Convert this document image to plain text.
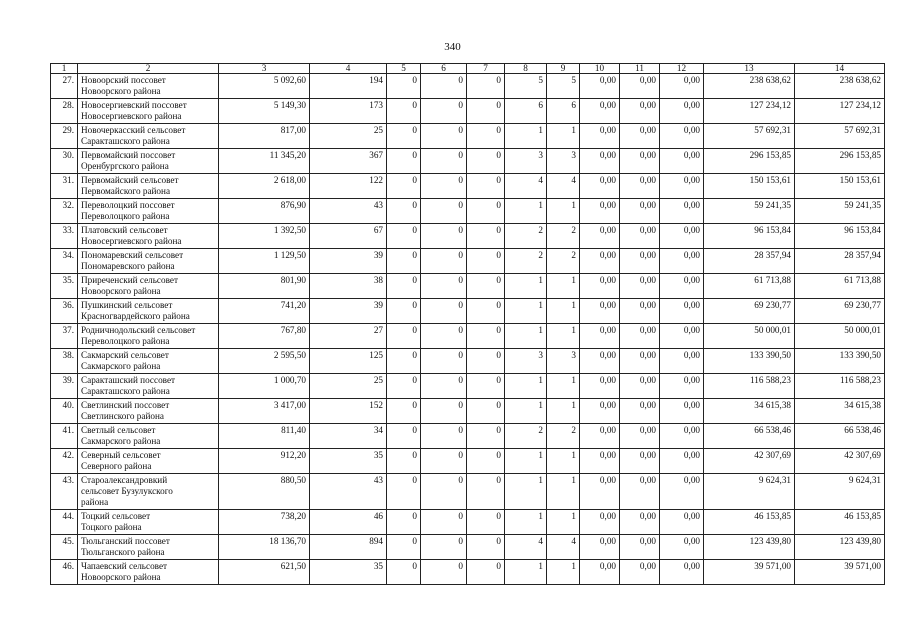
340
1	2	3	4	5	6	7	8	9	10	11	12	13	14
27.	Новоорский поссовет
Новоорского района	5 092,60	194	0	0	0	5	5	0,00	0,00	0,00	238 638,62	238 638,62
28.	Новосергиевский поссовет
Новосергиевского района	5 149,30	173	0	0	0	6	6	0,00	0,00	0,00	127 234,12	127 234,12
29.	Новочеркасский сельсовет
Саракташского района	817,00	25	0	0	0	1	1	0,00	0,00	0,00	57 692,31	57 692,31
30.	Первомайский поссовет
Оренбургского района	11 345,20	367	0	0	0	3	3	0,00	0,00	0,00	296 153,85	296 153,85
31.	Первомайский сельсовет
Первомайского района	2 618,00	122	0	0	0	4	4	0,00	0,00	0,00	150 153,61	150 153,61
32.	Переволоцкий поссовет
Переволоцкого района	876,90	43	0	0	0	1	1	0,00	0,00	0,00	59 241,35	59 241,35
33.	Платовский сельсовет
Новосергиевского района	1 392,50	67	0	0	0	2	2	0,00	0,00	0,00	96 153,84	96 153,84
34.	Пономаревский сельсовет
Пономаревского района	1 129,50	39	0	0	0	2	2	0,00	0,00	0,00	28 357,94	28 357,94
35.	Приреченский сельсовет
Новоорского района	801,90	38	0	0	0	1	1	0,00	0,00	0,00	61 713,88	61 713,88
36.	Пушкинский сельсовет
Красногвардейского района	741,20	39	0	0	0	1	1	0,00	0,00	0,00	69 230,77	69 230,77
37.	Родничнодольский сельсовет
Переволоцкого района	767,80	27	0	0	0	1	1	0,00	0,00	0,00	50 000,01	50 000,01
38.	Сакмарский сельсовет
Сакмарского района	2 595,50	125	0	0	0	3	3	0,00	0,00	0,00	133 390,50	133 390,50
39.	Саракташский поссовет
Саракташского района	1 000,70	25	0	0	0	1	1	0,00	0,00	0,00	116 588,23	116 588,23
40.	Светлинский поссовет
Светлинского района	3 417,00	152	0	0	0	1	1	0,00	0,00	0,00	34 615,38	34 615,38
41.	Светлый сельсовет
Сакмарского района	811,40	34	0	0	0	2	2	0,00	0,00	0,00	66 538,46	66 538,46
42.	Северный сельсовет
Северного района	912,20	35	0	0	0	1	1	0,00	0,00	0,00	42 307,69	42 307,69
43.	Староалександровкий
сельсовет Бузулукского
района	880,50	43	0	0	0	1	1	0,00	0,00	0,00	9 624,31	9 624,31
44.	Тоцкий сельсовет
Тоцкого района	738,20	46	0	0	0	1	1	0,00	0,00	0,00	46 153,85	46 153,85
45.	Тюльганский поссовет
Тюльганского района	18 136,70	894	0	0	0	4	4	0,00	0,00	0,00	123 439,80	123 439,80
46.	Чапаевский сельсовет
Новоорского района	621,50	35	0	0	0	1	1	0,00	0,00	0,00	39 571,00	39 571,00
